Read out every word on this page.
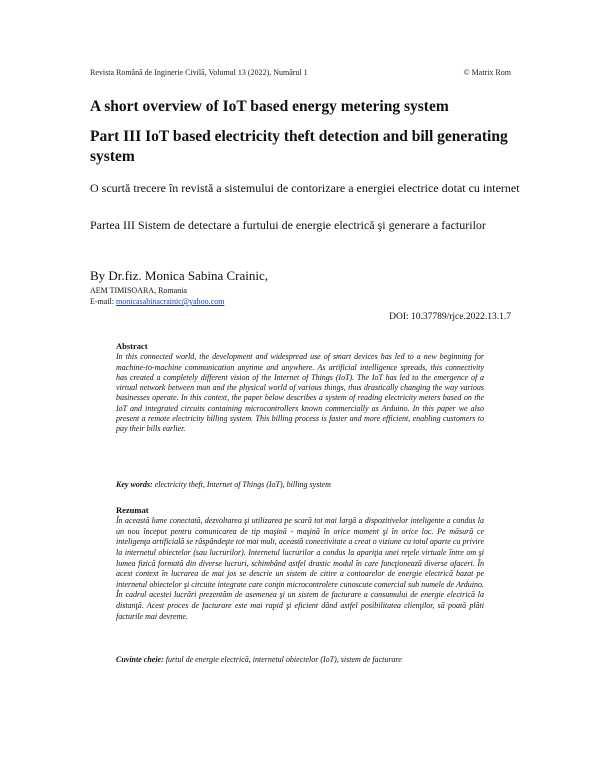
Revista Română de Inginerie Civilă, Volumul 13 (2022), Numărul 1	© Matrix Rom
A short overview of IoT based energy metering system
Part III IoT based electricity theft detection and bill generating system

O scurtă trecere în revistă a sistemului de contorizare a energiei electrice dotat cu internet

Partea III Sistem de detectare a furtului de energie electrică şi generare a facturilor

By Dr.fiz. Monica Sabina Crainic,
AEM TIMISOARA, Romania
E-mail: monicasabinacrainic@yahoo.com
DOI: 10.37789/rjce.2022.13.1.7
Abstract

In this connected world, the development and widespread use of smart devices has led to a new beginning for machine-to-machine communication anytime and anywhere. As artificial intelligence spreads, this connectivity has created a completely different vision of the Internet of Things (IoT). The IoT has led to the emergence of a virtual network between man and the physical world of various things, thus drastically changing the way various businesses operate. In this context, the paper below describes a system of reading electricity meters based on the IoT and integrated circuits containing microcontrollers known commercially as Arduino. In this paper we also present a remote electricity billing system. This billing process is faster and more efficient, enabling customers to pay their bills earlier.

Key words: electricity theft, Internet of Things (IoT), billing system
Rezumat

În această lume conectată, dezvoltarea şi utilizarea pe scară tot mai largă a dispozitivelor inteligente a condus la un nou început pentru comunicarea de tip maşină - maşină în orice moment şi în orice loc. Pe măsură ce inteligenţa artificială se răspândeşte tot mai mult, această conectivitate a creat o viziune cu totul aparte cu privire la internetul obiectelor (sau lucrurilor). Internetul lucrurilor a condus la apariţia unei reţele virtuale între om şi lumea fizică formată din diverse lucruri, schimbând astfel drastic modul în care funcţionează diverse afaceri. În acest context în lucrarea de mai jos se descrie un sistem de citire a contoarelor de energie electrică bazat pe internetul obiectelor şi circuite integrate care conţin microcontrolere cunoscute comercial sub numele de Arduino. În cadrul acestei lucrări prezentăm de asemenea şi un sistem de facturare a consumului de energie electrică la distanţă. Acest proces de facturare este mai rapid şi eficient dând astfel posibilitatea clienţilor, să poată plăti facturile mai devreme.

Cuvinte cheie: furtul de energie electrică, internetul obiectelor (IoT), sistem de facturare
